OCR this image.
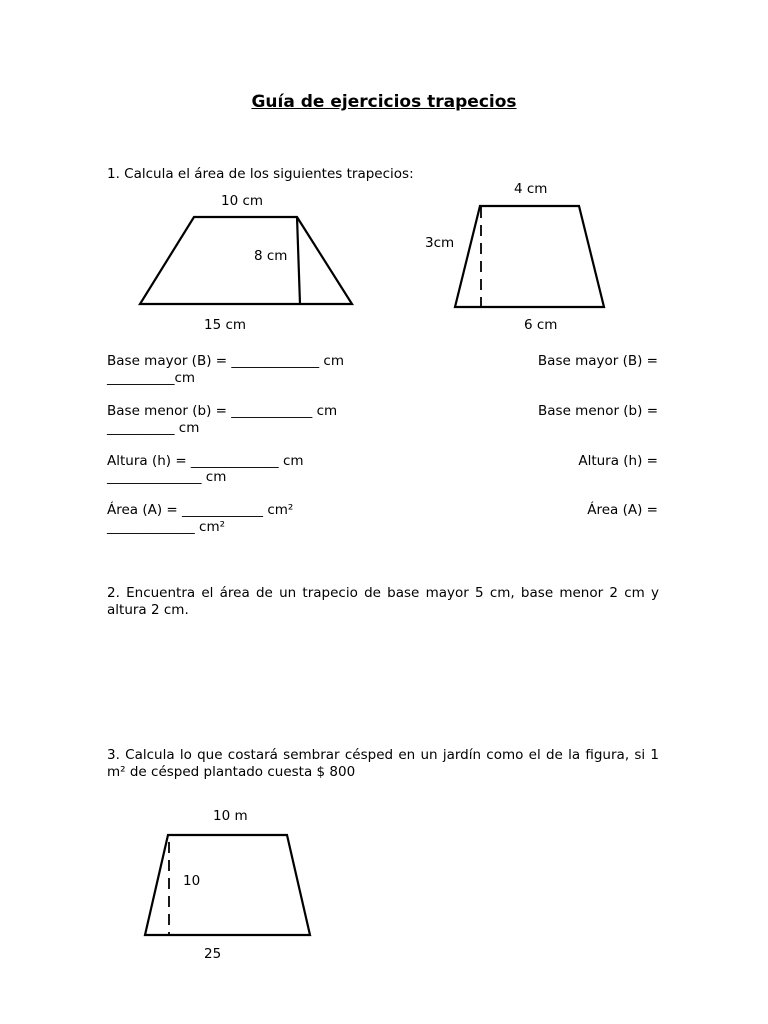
Guía de ejercicios trapecios
1. Calcula el área de los siguientes trapecios:
10 cm
8 cm
15 cm
4 cm
3cm
6 cm
10 m
10
25
Base mayor (B) = _____________ cm
__________cm
Base menor (b) = ____________ cm
__________ cm
Altura (h) = _____________ cm
______________ cm
Área (A) = ____________ cm²
_____________ cm²
Base mayor (B) =
Base menor (b) =
Altura (h) =
Área (A) =
2. Encuentra el área de un trapecio de base mayor 5 cm, base menor 2 cm y altura 2 cm.
3. Calcula lo que costará sembrar césped en un jardín como el de la figura, si 1 m² de césped plantado cuesta $ 800
